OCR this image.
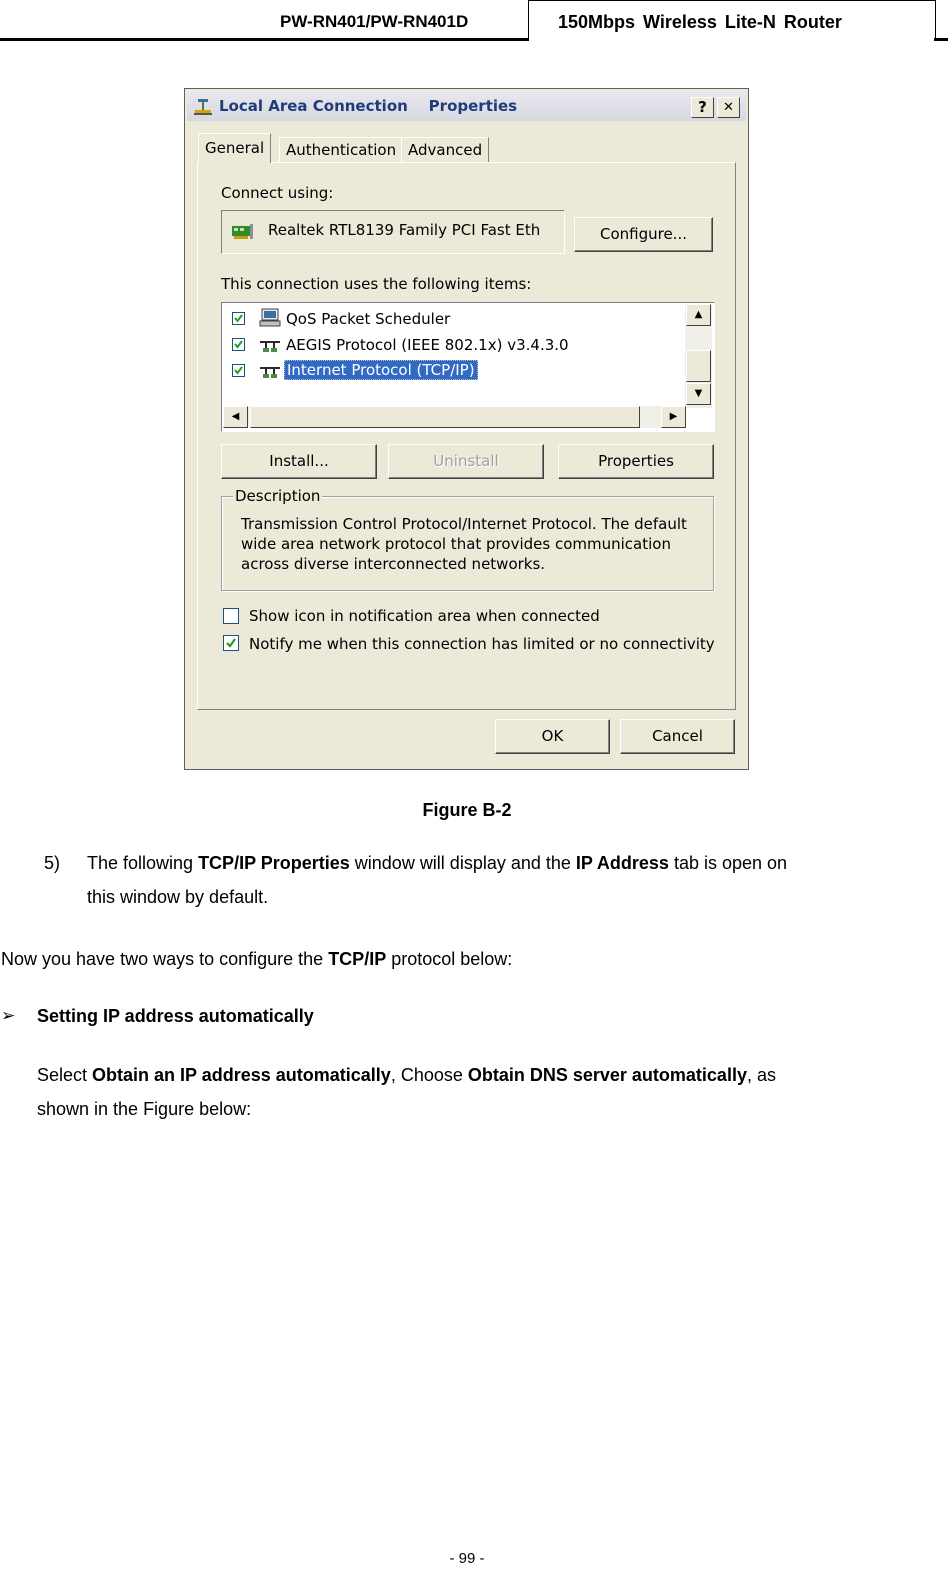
PW-RN401/PW-RN401D	150Mbps Wireless Lite-N Router
Local Area Connection    Properties	?	✕
General	Authentication Advanced
Connect using:
Realtek RTL8139 Family PCI Fast Eth	Configure...
This connection uses the following items:
QoS Packet Scheduler
AEGIS Protocol (IEEE 802.1x) v3.4.3.0
Internet Protocol (TCP/IP)
▲
▼
◀	▶
Install...	Uninstall	Properties
Description
Transmission Control Protocol/Internet Protocol. The default wide area network protocol that provides communication across diverse interconnected networks.
Show icon in notification area when connected
Notify me when this connection has limited or no connectivity
OK	Cancel
Figure B-2
5) The following TCP/IP Properties window will display and the IP Address tab is open on
this window by default.
Now you have two ways to configure the TCP/IP protocol below:
➢ Setting IP address automatically
Select Obtain an IP address automatically, Choose Obtain DNS server automatically, as
shown in the Figure below:
- 99 -
